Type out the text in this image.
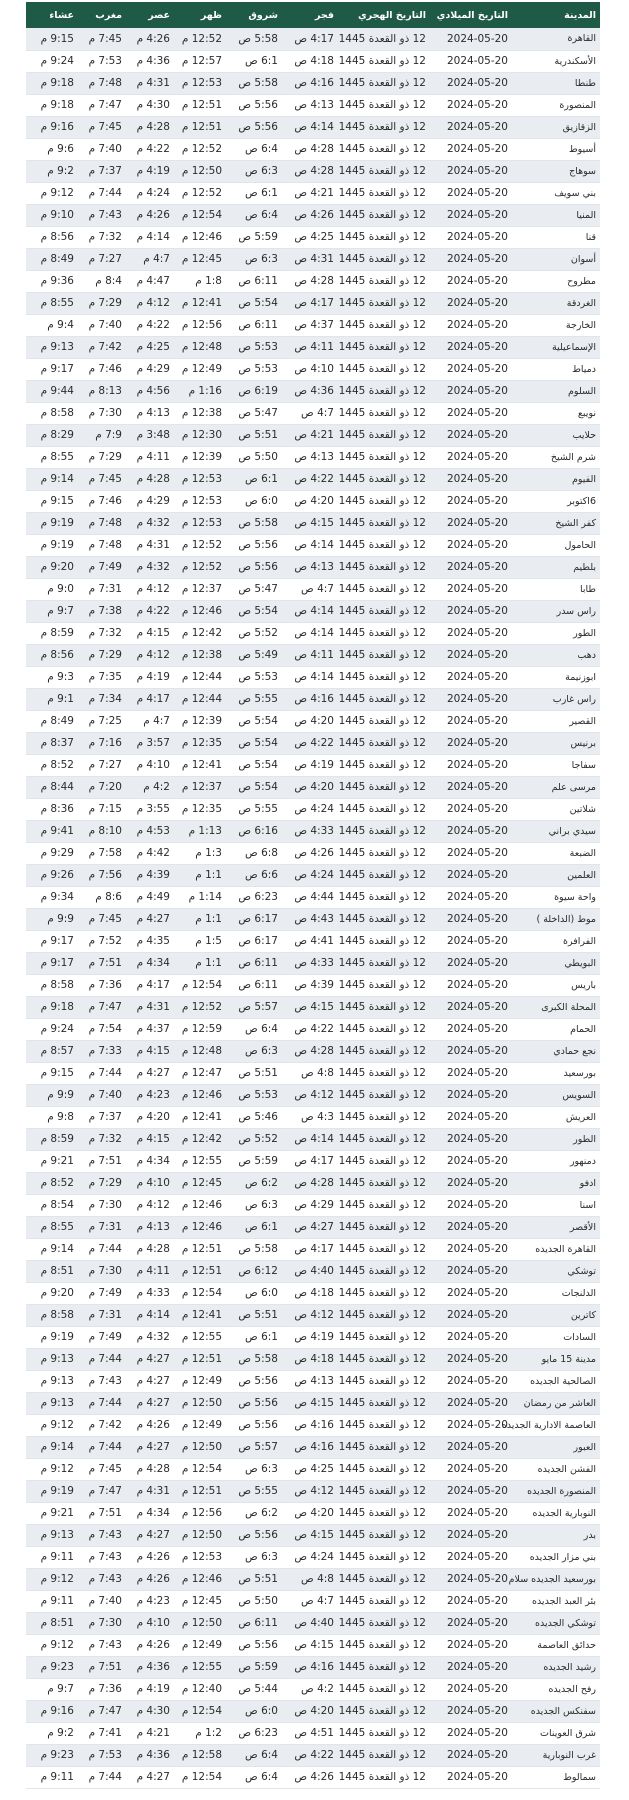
المدينة	التاريخ الميلادي	التاريخ الهجري	فجر	شروق	ظهر	عصر	مغرب	عشاء
القاهرة	2024-05-20	12 ذو القعدة 1445	4:17 ص	5:58 ص	12:52 م	4:26 م	7:45 م	9:15 م
الأسكندرية	2024-05-20	12 ذو القعدة 1445	4:18 ص	6:1 ص	12:57 م	4:36 م	7:53 م	9:24 م
طنطا	2024-05-20	12 ذو القعدة 1445	4:16 ص	5:58 ص	12:53 م	4:31 م	7:48 م	9:18 م
المنصورة	2024-05-20	12 ذو القعدة 1445	4:13 ص	5:56 ص	12:51 م	4:30 م	7:47 م	9:18 م
الزقازيق	2024-05-20	12 ذو القعدة 1445	4:14 ص	5:56 ص	12:51 م	4:28 م	7:45 م	9:16 م
أسيوط	2024-05-20	12 ذو القعدة 1445	4:28 ص	6:4 ص	12:52 م	4:22 م	7:40 م	9:6 م
سوهاج	2024-05-20	12 ذو القعدة 1445	4:28 ص	6:3 ص	12:50 م	4:19 م	7:37 م	9:2 م
بني سويف	2024-05-20	12 ذو القعدة 1445	4:21 ص	6:1 ص	12:52 م	4:24 م	7:44 م	9:12 م
المنيا	2024-05-20	12 ذو القعدة 1445	4:26 ص	6:4 ص	12:54 م	4:26 م	7:43 م	9:10 م
قنا	2024-05-20	12 ذو القعدة 1445	4:25 ص	5:59 ص	12:46 م	4:14 م	7:32 م	8:56 م
أسوان	2024-05-20	12 ذو القعدة 1445	4:31 ص	6:3 ص	12:45 م	4:7 م	7:27 م	8:49 م
مطروح	2024-05-20	12 ذو القعدة 1445	4:28 ص	6:11 ص	1:8 م	4:47 م	8:4 م	9:36 م
الغردقة	2024-05-20	12 ذو القعدة 1445	4:17 ص	5:54 ص	12:41 م	4:12 م	7:29 م	8:55 م
الخارجة	2024-05-20	12 ذو القعدة 1445	4:37 ص	6:11 ص	12:56 م	4:22 م	7:40 م	9:4 م
الإسماعيلية	2024-05-20	12 ذو القعدة 1445	4:11 ص	5:53 ص	12:48 م	4:25 م	7:42 م	9:13 م
دمياط	2024-05-20	12 ذو القعدة 1445	4:10 ص	5:53 ص	12:49 م	4:29 م	7:46 م	9:17 م
السلوم	2024-05-20	12 ذو القعدة 1445	4:36 ص	6:19 ص	1:16 م	4:56 م	8:13 م	9:44 م
نويبع	2024-05-20	12 ذو القعدة 1445	4:7 ص	5:47 ص	12:38 م	4:13 م	7:30 م	8:58 م
حلايب	2024-05-20	12 ذو القعدة 1445	4:21 ص	5:51 ص	12:30 م	3:48 م	7:9 م	8:29 م
شرم الشيخ	2024-05-20	12 ذو القعدة 1445	4:13 ص	5:50 ص	12:39 م	4:11 م	7:29 م	8:55 م
الفيوم	2024-05-20	12 ذو القعدة 1445	4:22 ص	6:1 ص	12:53 م	4:28 م	7:45 م	9:14 م
6اكتوبر	2024-05-20	12 ذو القعدة 1445	4:20 ص	6:0 ص	12:53 م	4:29 م	7:46 م	9:15 م
كفر الشيخ	2024-05-20	12 ذو القعدة 1445	4:15 ص	5:58 ص	12:53 م	4:32 م	7:48 م	9:19 م
الحامول	2024-05-20	12 ذو القعدة 1445	4:14 ص	5:56 ص	12:52 م	4:31 م	7:48 م	9:19 م
بلطيم	2024-05-20	12 ذو القعدة 1445	4:13 ص	5:56 ص	12:52 م	4:32 م	7:49 م	9:20 م
طابا	2024-05-20	12 ذو القعدة 1445	4:7 ص	5:47 ص	12:37 م	4:12 م	7:31 م	9:0 م
راس سدر	2024-05-20	12 ذو القعدة 1445	4:14 ص	5:54 ص	12:46 م	4:22 م	7:38 م	9:7 م
الطور	2024-05-20	12 ذو القعدة 1445	4:14 ص	5:52 ص	12:42 م	4:15 م	7:32 م	8:59 م
دهب	2024-05-20	12 ذو القعدة 1445	4:11 ص	5:49 ص	12:38 م	4:12 م	7:29 م	8:56 م
ابوزنيمة	2024-05-20	12 ذو القعدة 1445	4:14 ص	5:53 ص	12:44 م	4:19 م	7:35 م	9:3 م
راس غارب	2024-05-20	12 ذو القعدة 1445	4:16 ص	5:55 ص	12:44 م	4:17 م	7:34 م	9:1 م
القصير	2024-05-20	12 ذو القعدة 1445	4:20 ص	5:54 ص	12:39 م	4:7 م	7:25 م	8:49 م
برنيس	2024-05-20	12 ذو القعدة 1445	4:22 ص	5:54 ص	12:35 م	3:57 م	7:16 م	8:37 م
سفاجا	2024-05-20	12 ذو القعدة 1445	4:19 ص	5:54 ص	12:41 م	4:10 م	7:27 م	8:52 م
مرسى علم	2024-05-20	12 ذو القعدة 1445	4:20 ص	5:54 ص	12:37 م	4:2 م	7:20 م	8:44 م
شلاتين	2024-05-20	12 ذو القعدة 1445	4:24 ص	5:55 ص	12:35 م	3:55 م	7:15 م	8:36 م
سيدي براني	2024-05-20	12 ذو القعدة 1445	4:33 ص	6:16 ص	1:13 م	4:53 م	8:10 م	9:41 م
الضبعة	2024-05-20	12 ذو القعدة 1445	4:26 ص	6:8 ص	1:3 م	4:42 م	7:58 م	9:29 م
العلمين	2024-05-20	12 ذو القعدة 1445	4:24 ص	6:6 ص	1:1 م	4:39 م	7:56 م	9:26 م
واحة سيوة	2024-05-20	12 ذو القعدة 1445	4:44 ص	6:23 ص	1:14 م	4:49 م	8:6 م	9:34 م
موط (الداخلة )	2024-05-20	12 ذو القعدة 1445	4:43 ص	6:17 ص	1:1 م	4:27 م	7:45 م	9:9 م
الفرافرة	2024-05-20	12 ذو القعدة 1445	4:41 ص	6:17 ص	1:5 م	4:35 م	7:52 م	9:17 م
البويطي	2024-05-20	12 ذو القعدة 1445	4:33 ص	6:11 ص	1:1 م	4:34 م	7:51 م	9:17 م
باريس	2024-05-20	12 ذو القعدة 1445	4:39 ص	6:11 ص	12:54 م	4:17 م	7:36 م	8:58 م
المحلة الكبرى	2024-05-20	12 ذو القعدة 1445	4:15 ص	5:57 ص	12:52 م	4:31 م	7:47 م	9:18 م
الحمام	2024-05-20	12 ذو القعدة 1445	4:22 ص	6:4 ص	12:59 م	4:37 م	7:54 م	9:24 م
نجع حمادي	2024-05-20	12 ذو القعدة 1445	4:28 ص	6:3 ص	12:48 م	4:15 م	7:33 م	8:57 م
بورسعيد	2024-05-20	12 ذو القعدة 1445	4:8 ص	5:51 ص	12:47 م	4:27 م	7:44 م	9:15 م
السويس	2024-05-20	12 ذو القعدة 1445	4:12 ص	5:53 ص	12:46 م	4:23 م	7:40 م	9:9 م
العريش	2024-05-20	12 ذو القعدة 1445	4:3 ص	5:46 ص	12:41 م	4:20 م	7:37 م	9:8 م
الطور	2024-05-20	12 ذو القعدة 1445	4:14 ص	5:52 ص	12:42 م	4:15 م	7:32 م	8:59 م
دمنهور	2024-05-20	12 ذو القعدة 1445	4:17 ص	5:59 ص	12:55 م	4:34 م	7:51 م	9:21 م
ادفو	2024-05-20	12 ذو القعدة 1445	4:28 ص	6:2 ص	12:45 م	4:10 م	7:29 م	8:52 م
اسنا	2024-05-20	12 ذو القعدة 1445	4:29 ص	6:3 ص	12:46 م	4:12 م	7:30 م	8:54 م
الأقصر	2024-05-20	12 ذو القعدة 1445	4:27 ص	6:1 ص	12:46 م	4:13 م	7:31 م	8:55 م
القاهرة الجديده	2024-05-20	12 ذو القعدة 1445	4:17 ص	5:58 ص	12:51 م	4:28 م	7:44 م	9:14 م
توشكي	2024-05-20	12 ذو القعدة 1445	4:40 ص	6:12 ص	12:51 م	4:11 م	7:30 م	8:51 م
الدلنجات	2024-05-20	12 ذو القعدة 1445	4:18 ص	6:0 ص	12:54 م	4:33 م	7:49 م	9:20 م
كاترين	2024-05-20	12 ذو القعدة 1445	4:12 ص	5:51 ص	12:41 م	4:14 م	7:31 م	8:58 م
السادات	2024-05-20	12 ذو القعدة 1445	4:19 ص	6:1 ص	12:55 م	4:32 م	7:49 م	9:19 م
مدينة 15 مايو	2024-05-20	12 ذو القعدة 1445	4:18 ص	5:58 ص	12:51 م	4:27 م	7:44 م	9:13 م
الصالحية الجديده	2024-05-20	12 ذو القعدة 1445	4:13 ص	5:56 ص	12:49 م	4:27 م	7:43 م	9:13 م
العاشر من رمضان	2024-05-20	12 ذو القعدة 1445	4:15 ص	5:56 ص	12:50 م	4:27 م	7:44 م	9:13 م
العاصمة الادارية الجديده	2024-05-20	12 ذو القعدة 1445	4:16 ص	5:56 ص	12:49 م	4:26 م	7:42 م	9:12 م
العبور	2024-05-20	12 ذو القعدة 1445	4:16 ص	5:57 ص	12:50 م	4:27 م	7:44 م	9:14 م
الفشن الجديده	2024-05-20	12 ذو القعدة 1445	4:25 ص	6:3 ص	12:54 م	4:28 م	7:45 م	9:12 م
المنصورة الجديده	2024-05-20	12 ذو القعدة 1445	4:12 ص	5:55 ص	12:51 م	4:31 م	7:47 م	9:19 م
النوبارية الجديده	2024-05-20	12 ذو القعدة 1445	4:20 ص	6:2 ص	12:56 م	4:34 م	7:51 م	9:21 م
بدر	2024-05-20	12 ذو القعدة 1445	4:15 ص	5:56 ص	12:50 م	4:27 م	7:43 م	9:13 م
بني مزار الجديده	2024-05-20	12 ذو القعدة 1445	4:24 ص	6:3 ص	12:53 م	4:26 م	7:43 م	9:11 م
بورسعيد الجديده سلام	2024-05-20	12 ذو القعدة 1445	4:8 ص	5:51 ص	12:46 م	4:26 م	7:43 م	9:12 م
بئر العبد الجديده	2024-05-20	12 ذو القعدة 1445	4:7 ص	5:50 ص	12:45 م	4:23 م	7:40 م	9:11 م
توشكي الجديده	2024-05-20	12 ذو القعدة 1445	4:40 ص	6:11 ص	12:50 م	4:10 م	7:30 م	8:51 م
حدائق العاصمة	2024-05-20	12 ذو القعدة 1445	4:15 ص	5:56 ص	12:49 م	4:26 م	7:43 م	9:12 م
رشيد الجديده	2024-05-20	12 ذو القعدة 1445	4:16 ص	5:59 ص	12:55 م	4:36 م	7:51 م	9:23 م
رفح الجديده	2024-05-20	12 ذو القعدة 1445	4:2 ص	5:44 ص	12:40 م	4:19 م	7:36 م	9:7 م
سفنكس الجديده	2024-05-20	12 ذو القعدة 1445	4:20 ص	6:0 ص	12:54 م	4:30 م	7:47 م	9:16 م
شرق العوينات	2024-05-20	12 ذو القعدة 1445	4:51 ص	6:23 ص	1:2 م	4:21 م	7:41 م	9:2 م
غرب النوبارية	2024-05-20	12 ذو القعدة 1445	4:22 ص	6:4 ص	12:58 م	4:36 م	7:53 م	9:23 م
سمالوط	2024-05-20	12 ذو القعدة 1445	4:26 ص	6:4 ص	12:54 م	4:27 م	7:44 م	9:11 م
